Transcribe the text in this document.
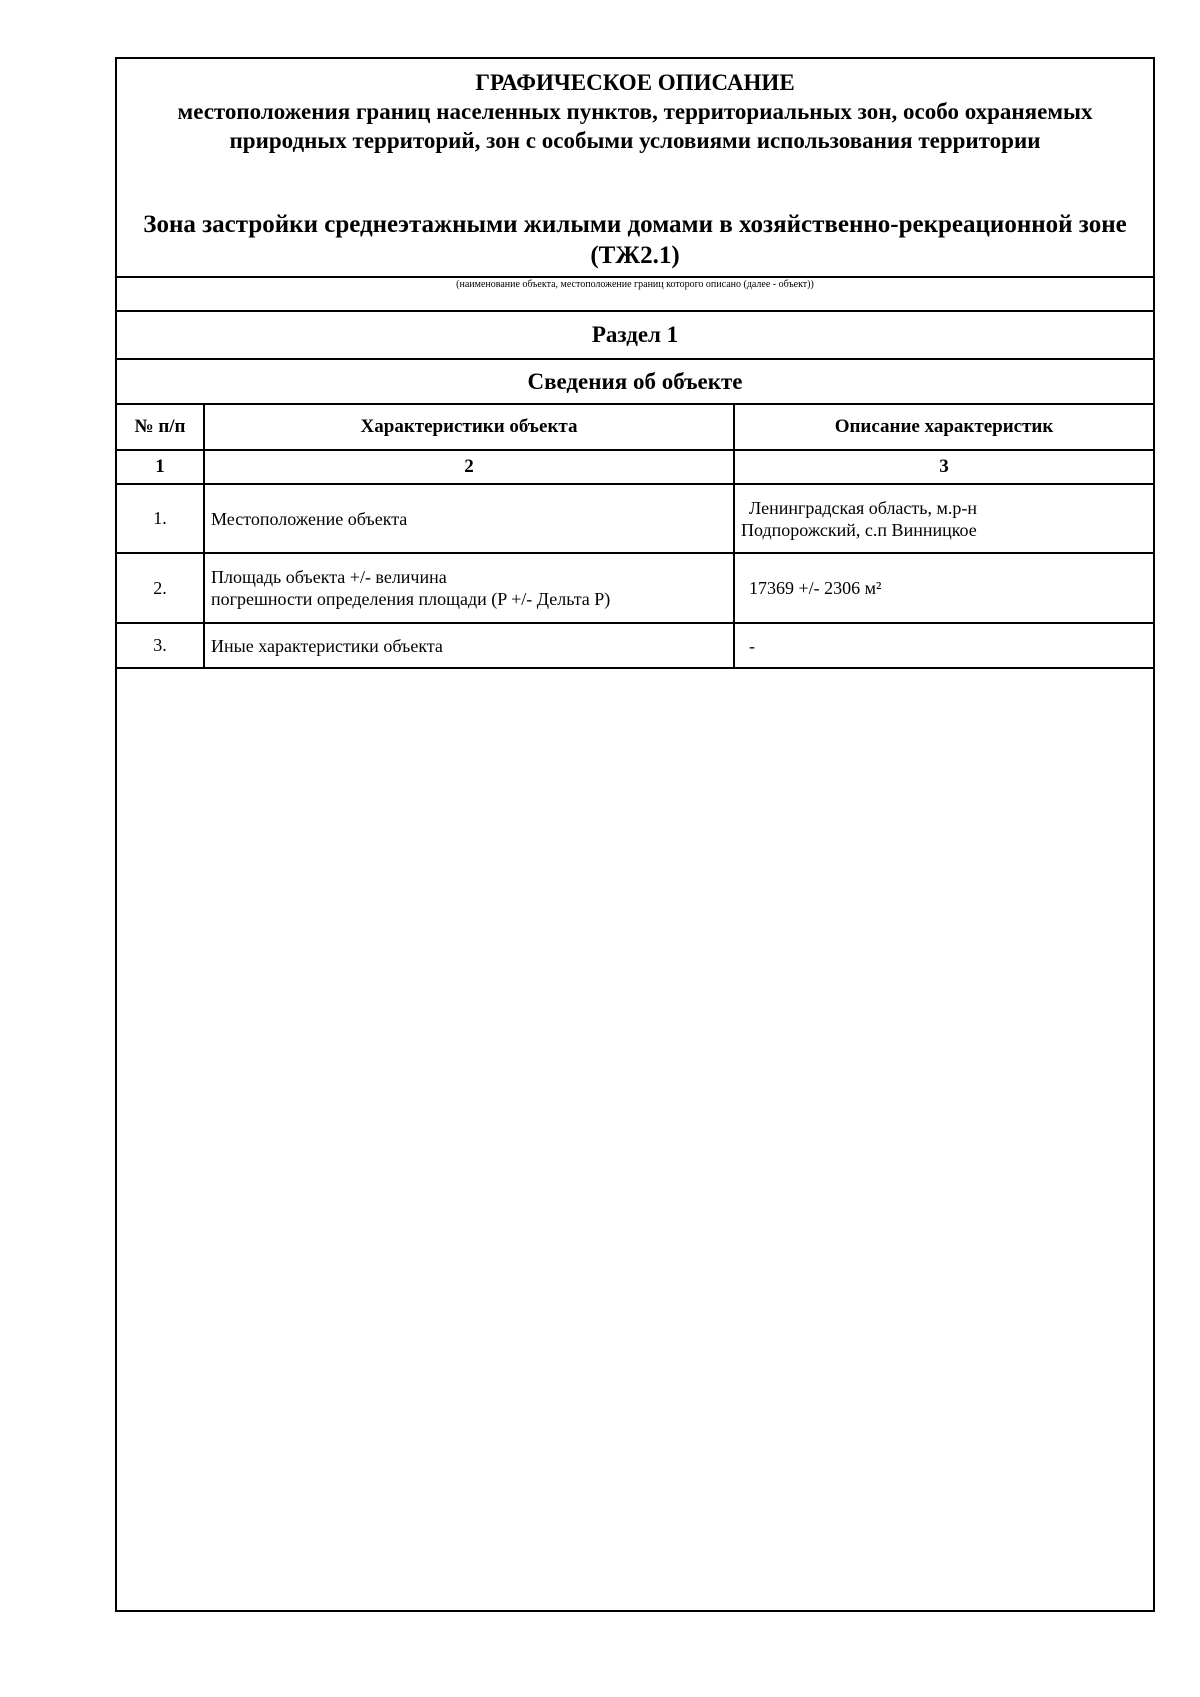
ГРАФИЧЕСКОЕ ОПИСАНИЕ
местоположения границ населенных пунктов, территориальных зон, особо охраняемых природных территорий, зон с особыми условиями использования территории
Зона застройки среднеэтажными жилыми домами в хозяйственно-рекреационной зоне (ТЖ2.1)
(наименование объекта, местоположение границ которого описано (далее - объект))
Раздел 1
Сведения об объекте
№ п/п	Характеристики объекта	Описание характеристик
1	2	3
1.	Местоположение объекта	Ленинградская область, м.р-н
Подпорожский, с.п Винницкое

2.	Площадь объекта +/- величина
погрешности определения площади (P +/- Дельта P)	17369 +/- 2306 м²

3.	Иные характеристики объекта	-
